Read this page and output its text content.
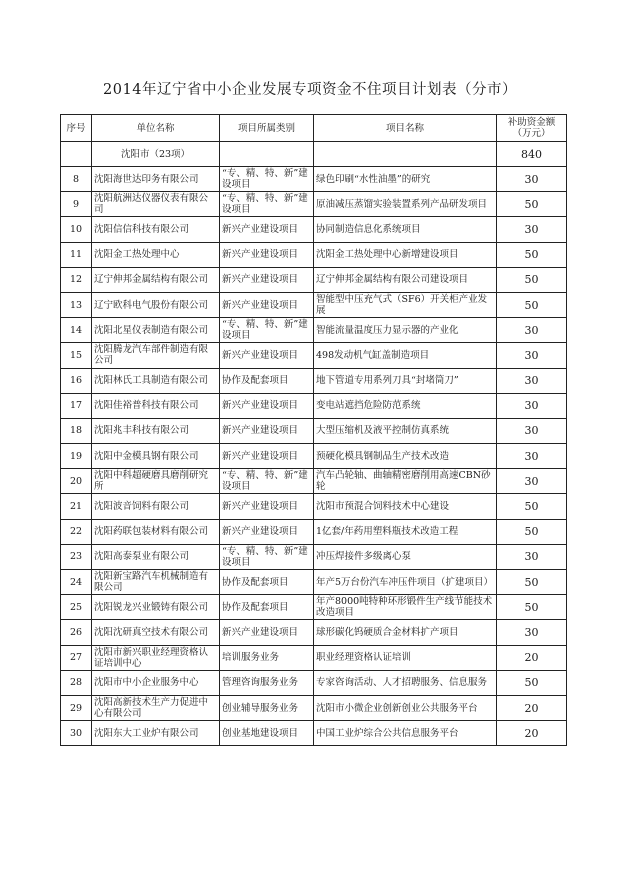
2014年辽宁省中小企业发展专项资金不住项目计划表（分市）
序号	单位名称	项目所属类别	项目名称	补助资金额（万元）
	沈阳市（23项）			840
8	沈阳海世达印务有限公司	“专、精、特、新”建设项目	绿色印刷“水性油墨”的研究	30
9	沈阳航洲达仪器仪表有限公司	“专、精、特、新”建设项目	原油减压蒸馏实验装置系列产品研发项目	50
10	沈阳信信科技有限公司	新兴产业建设项目	协同制造信息化系统项目	30
11	沈阳金工热处理中心	新兴产业建设项目	沈阳金工热处理中心新增建设项目	50
12	辽宁伸邦金属结构有限公司	新兴产业建设项目	辽宁伸邦金属结构有限公司建设项目	50
13	辽宁欧科电气股份有限公司	新兴产业建设项目	智能型中压充气式（SF6）开关柜产业发展	50
14	沈阳北星仪表制造有限公司	“专、精、特、新”建设项目	智能流量温度压力显示器的产业化	30
15	沈阳腾龙汽车部件制造有限公司	新兴产业建设项目	498发动机气缸盖制造项目	30
16	沈阳林氏工具制造有限公司	协作及配套项目	地下管道专用系列刀具“封堵筒刀”	30
17	沈阳佳裕普科技有限公司	新兴产业建设项目	变电站遮挡危险防范系统	30
18	沈阳兆丰科技有限公司	新兴产业建设项目	大型压缩机及液平控制仿真系统	30
19	沈阳中金模具钢有限公司	新兴产业建设项目	预硬化模具钢制品生产技术改造	30
20	沈阳中科超硬磨具磨削研究所	“专、精、特、新”建设项目	汽车凸轮轴、曲轴精密磨削用高速CBN砂轮	30
21	沈阳波音饲料有限公司	新兴产业建设项目	沈阳市预混合饲料技术中心建设	50
22	沈阳药联包装材料有限公司	新兴产业建设项目	1亿套/年药用塑料瓶技术改造工程	50
23	沈阳高泰泵业有限公司	“专、精、特、新”建设项目	冲压焊接件多级离心泵	30
24	沈阳新宝路汽车机械制造有限公司	协作及配套项目	年产5万台份汽车冲压件项目（扩建项目）	50
25	沈阳锐龙兴业锻铸有限公司	协作及配套项目	年产8000吨特种环形锻件生产线节能技术改造项目	50
26	沈阳沈研真空技术有限公司	新兴产业建设项目	球形碳化钨硬质合金材料扩产项目	30
27	沈阳市新兴职业经理资格认证培训中心	培训服务业务	职业经理资格认证培训	20
28	沈阳市中小企业服务中心	管理咨询服务业务	专家咨询活动、人才招聘服务、信息服务	50
29	沈阳高新技术生产力促进中心有限公司	创业辅导服务业务	沈阳市小微企业创新创业公共服务平台	20
30	沈阳东大工业炉有限公司	创业基地建设项目	中国工业炉综合公共信息服务平台	20
